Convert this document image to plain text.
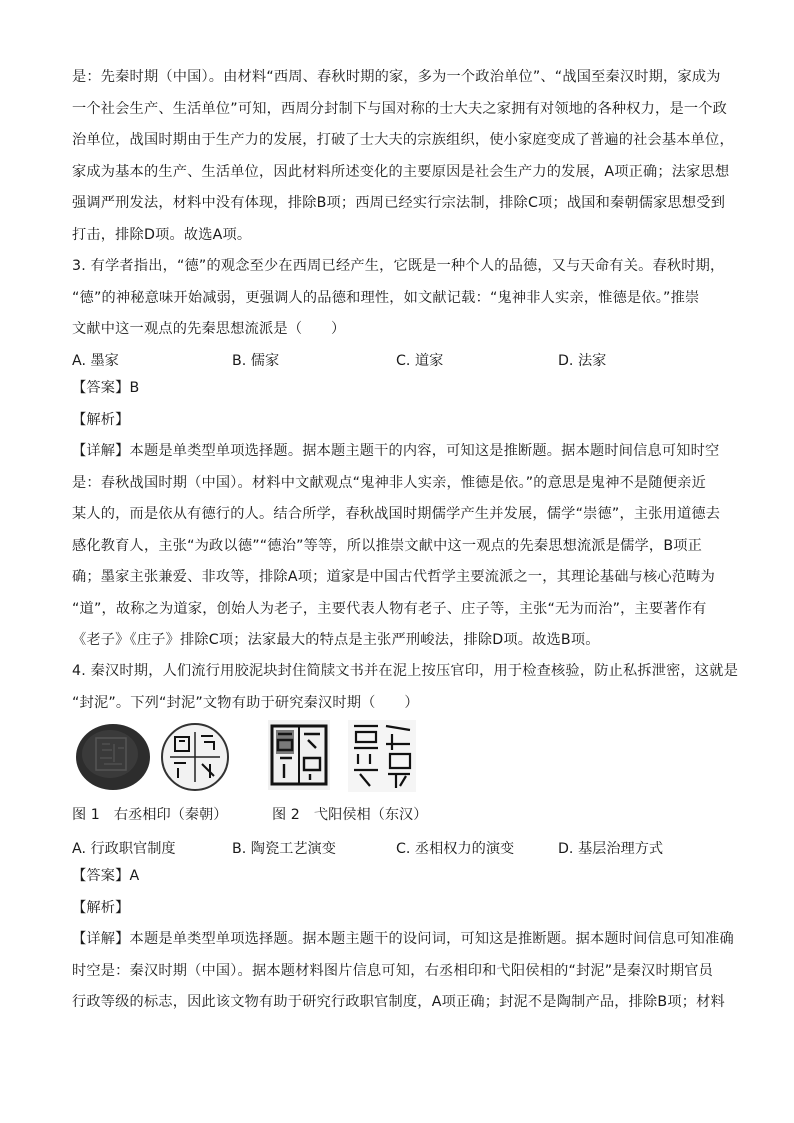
是：先秦时期（中国）。由材料“西周、春秋时期的家，多为一个政治单位”、“战国至秦汉时期，家成为
一个社会生产、生活单位”可知，西周分封制下与国对称的士大夫之家拥有对领地的各种权力，是一个政
治单位，战国时期由于生产力的发展，打破了士大夫的宗族组织，使小家庭变成了普遍的社会基本单位，
家成为基本的生产、生活单位，因此材料所述变化的主要原因是社会生产力的发展，A项正确；法家思想
强调严刑发法，材料中没有体现，排除B项；西周已经实行宗法制，排除C项；战国和秦朝儒家思想受到
打击，排除D项。故选A项。
3. 有学者指出，“德”的观念至少在西周已经产生，它既是一种个人的品德，又与天命有关。春秋时期，
“德”的神秘意味开始减弱，更强调人的品德和理性，如文献记载：“鬼神非人实亲，惟德是依。”推崇
文献中这一观点的先秦思想流派是（　　）
A. 墨家	B. 儒家	C. 道家	D. 法家
【答案】B
【解析】
【详解】本题是单类型单项选择题。据本题主题干的内容，可知这是推断题。据本题时间信息可知时空
是：春秋战国时期（中国）。材料中文献观点“鬼神非人实亲，惟德是依。”的意思是鬼神不是随便亲近
某人的，而是依从有德行的人。结合所学，春秋战国时期儒学产生并发展，儒学“崇德”，主张用道德去
感化教育人，主张“为政以德”“德治”等等，所以推崇文献中这一观点的先秦思想流派是儒学，B项正
确；墨家主张兼爱、非攻等，排除A项；道家是中国古代哲学主要流派之一，其理论基础与核心范畴为
“道”，故称之为道家，创始人为老子，主要代表人物有老子、庄子等，主张“无为而治”，主要著作有
《老子》《庄子》排除C项；法家最大的特点是主张严刑峻法，排除D项。故选B项。
4. 秦汉时期，人们流行用胶泥块封住简牍文书并在泥上按压官印，用于检查核验，防止私拆泄密，这就是
“封泥”。下列“封泥”文物有助于研究秦汉时期（　　）
图 1　右丞相印（秦朝）	图 2　弋阳侯相（东汉）
A. 行政职官制度	B. 陶瓷工艺演变	C. 丞相权力的演变	D. 基层治理方式
【答案】A
【解析】
【详解】本题是单类型单项选择题。据本题主题干的设问词，可知这是推断题。据本题时间信息可知准确
时空是：秦汉时期（中国）。据本题材料图片信息可知，右丞相印和弋阳侯相的“封泥”是秦汉时期官员
行政等级的标志，因此该文物有助于研究行政职官制度，A项正确；封泥不是陶制产品，排除B项；材料
